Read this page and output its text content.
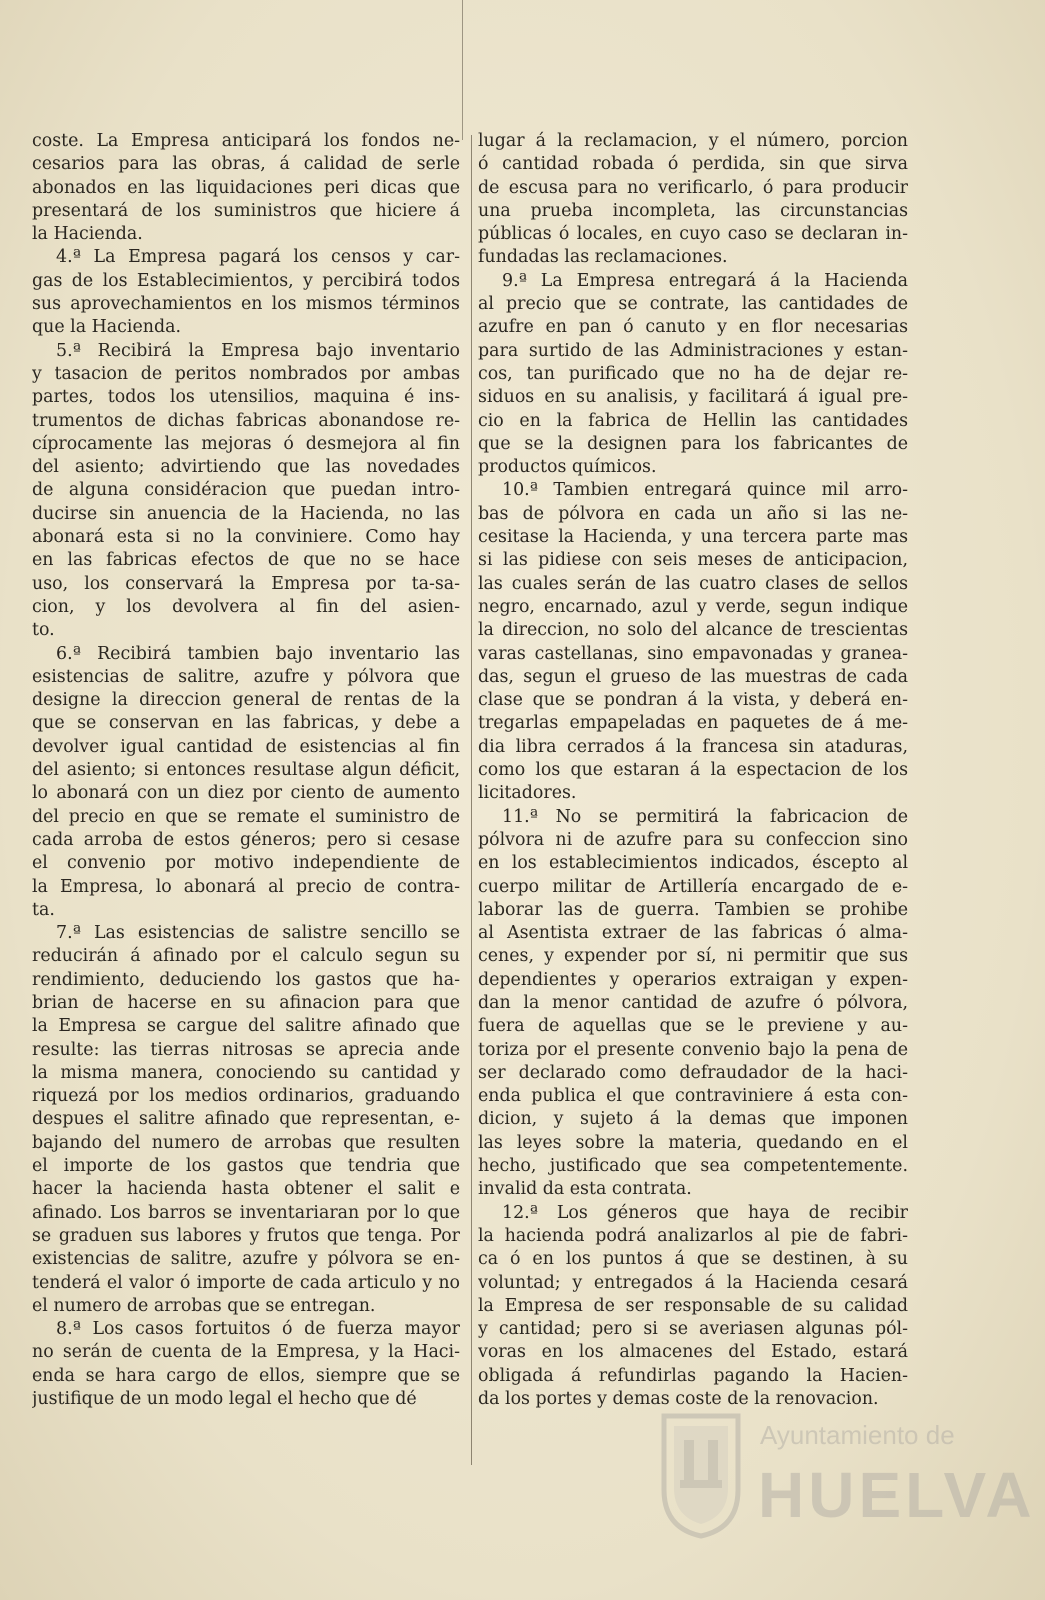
coste. La Empresa anticipará los fondos ne-
cesarios para las obras, á calidad de serle
abonados en las liquidaciones peri dicas que
presentará de los suministros que hiciere á
la Hacienda.
4.ª La Empresa pagará los censos y car-
gas de los Establecimientos, y percibirá todos
sus aprovechamientos en los mismos términos
que la Hacienda.
5.ª Recibirá la Empresa bajo inventario
y tasacion de peritos nombrados por ambas
partes, todos los utensilios, maquina é ins-
trumentos de dichas fabricas abonandose re-
cíprocamente las mejoras ó desmejora al fin
del asiento; advirtiendo que las novedades
de alguna considéracion que puedan intro-
ducirse sin anuencia de la Hacienda, no las
abonará esta si no la conviniere. Como hay
en las fabricas efectos de que no se hace
uso, los conservará la Empresa por ta-sa-
cion, y los devolvera al fin del asien-
to.
6.ª Recibirá tambien bajo inventario las
esistencias de salitre, azufre y pólvora que
designe la direccion general de rentas de la
que se conservan en las fabricas, y debe a
devolver igual cantidad de esistencias al fin
del asiento; si entonces resultase algun déficit,
lo abonará con un diez por ciento de aumento
del precio en que se remate el suministro de
cada arroba de estos géneros; pero si cesase
el convenio por motivo independiente de
la Empresa, lo abonará al precio de contra-
ta.
7.ª Las esistencias de salistre sencillo se
reducirán á afinado por el calculo segun su
rendimiento, deduciendo los gastos que ha-
brian de hacerse en su afinacion para que
la Empresa se cargue del salitre afinado que
resulte: las tierras nitrosas se aprecia ande
la misma manera, conociendo su cantidad y
riquezá por los medios ordinarios, graduando
despues el salitre afinado que representan, e-
bajando del numero de arrobas que resulten
el importe de los gastos que tendria que
hacer la hacienda hasta obtener el salit e
afinado. Los barros se inventariaran por lo que
se graduen sus labores y frutos que tenga. Por
existencias de salitre, azufre y pólvora se en-
tenderá el valor ó importe de cada articulo y no
el numero de arrobas que se entregan.
8.ª Los casos fortuitos ó de fuerza mayor
no serán de cuenta de la Empresa, y la Haci-
enda se hara cargo de ellos, siempre que se
justifique de un modo legal el hecho que dé
lugar á la reclamacion, y el número, porcion
ó cantidad robada ó perdida, sin que sirva
de escusa para no verificarlo, ó para producir
una prueba incompleta, las circunstancias
públicas ó locales, en cuyo caso se declaran in-
fundadas las reclamaciones.
9.ª La Empresa entregará á la Hacienda
al precio que se contrate, las cantidades de
azufre en pan ó canuto y en flor necesarias
para surtido de las Administraciones y estan-
cos, tan purificado que no ha de dejar re-
siduos en su analisis, y facilitará á igual pre-
cio en la fabrica de Hellin las cantidades
que se la designen para los fabricantes de
productos químicos.
10.ª Tambien entregará quince mil arro-
bas de pólvora en cada un año si las ne-
cesitase la Hacienda, y una tercera parte mas
si las pidiese con seis meses de anticipacion,
las cuales serán de las cuatro clases de sellos
negro, encarnado, azul y verde, segun indique
la direccion, no solo del alcance de trescientas
varas castellanas, sino empavonadas y granea-
das, segun el grueso de las muestras de cada
clase que se pondran á la vista, y deberá en-
tregarlas empapeladas en paquetes de á me-
dia libra cerrados á la francesa sin ataduras,
como los que estaran á la espectacion de los
licitadores.
11.ª No se permitirá la fabricacion de
pólvora ni de azufre para su confeccion sino
en los establecimientos indicados, éscepto al
cuerpo militar de Artillería encargado de e-
laborar las de guerra. Tambien se prohibe
al Asentista extraer de las fabricas ó alma-
cenes, y expender por sí, ni permitir que sus
dependientes y operarios extraigan y expen-
dan la menor cantidad de azufre ó pólvora,
fuera de aquellas que se le previene y au-
toriza por el presente convenio bajo la pena de
ser declarado como defraudador de la haci-
enda publica el que contraviniere á esta con-
dicion, y sujeto á la demas que imponen
las leyes sobre la materia, quedando en el
hecho, justificado que sea competentemente.
invalid da esta contrata.
12.ª Los géneros que haya de recibir
la hacienda podrá analizarlos al pie de fabri-
ca ó en los puntos á que se destinen, à su
voluntad; y entregados á la Hacienda cesará
la Empresa de ser responsable de su calidad
y cantidad; pero si se averiasen algunas pól-
voras en los almacenes del Estado, estará
obligada á refundirlas pagando la Hacien-
da los portes y demas coste de la renovacion.
Ayuntamiento de
HUELVA
